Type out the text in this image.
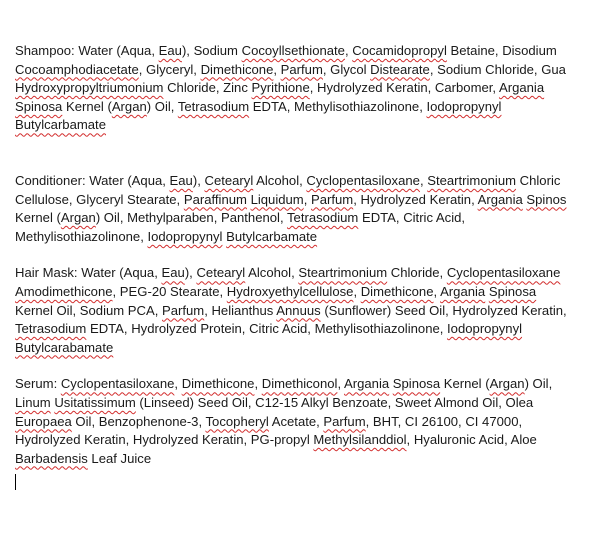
Shampoo: Water (Aqua, Eau), Sodium Cocoyllsethionate, Cocamidopropyl Betaine, Disodium
Cocoamphodiacetate, Glyceryl, Dimethicone, Parfum, Glycol Distearate, Sodium Chloride, Gua
Hydroxypropyltriumonium Chloride, Zinc Pyrithione, Hydrolyzed Keratin, Carbomer, Argania
Spinosa Kernel (Argan) Oil, Tetrasodium EDTA, Methylisothiazolinone, Iodopropynyl
Butylcarbamate

Conditioner: Water (Aqua, Eau), Cetearyl Alcohol, Cyclopentasiloxane, Steartrimonium Chloric
Cellulose, Glyceryl Stearate, Paraffinum Liquidum, Parfum, Hydrolyzed Keratin, Argania Spinos
Kernel (Argan) Oil, Methylparaben, Panthenol, Tetrasodium EDTA, Citric Acid,
Methylisothiazolinone, Iodopropynyl Butylcarbamate

Hair Mask: Water (Aqua, Eau), Cetearyl Alcohol, Steartrimonium Chloride, Cyclopentasiloxane
Amodimethicone, PEG-20 Stearate, Hydroxyethylcellulose, Dimethicone, Argania Spinosa
Kernel Oil, Sodium PCA, Parfum, Helianthus Annuus (Sunflower) Seed Oil, Hydrolyzed Keratin,
Tetrasodium EDTA, Hydrolyzed Protein, Citric Acid, Methylisothiazolinone, Iodopropynyl
Butylcarabamate

Serum: Cyclopentasiloxane, Dimethicone, Dimethiconol, Argania Spinosa Kernel (Argan) Oil,
Linum Usitatissimum (Linseed) Seed Oil, C12-15 Alkyl Benzoate, Sweet Almond Oil, Olea
Europaea Oil, Benzophenone-3, Tocopheryl Acetate, Parfum, BHT, CI 26100, CI 47000,
Hydrolyzed Keratin, Hydrolyzed Keratin, PG-propyl Methylsilanddiol, Hyaluronic Acid, Aloe
Barbadensis Leaf Juice
